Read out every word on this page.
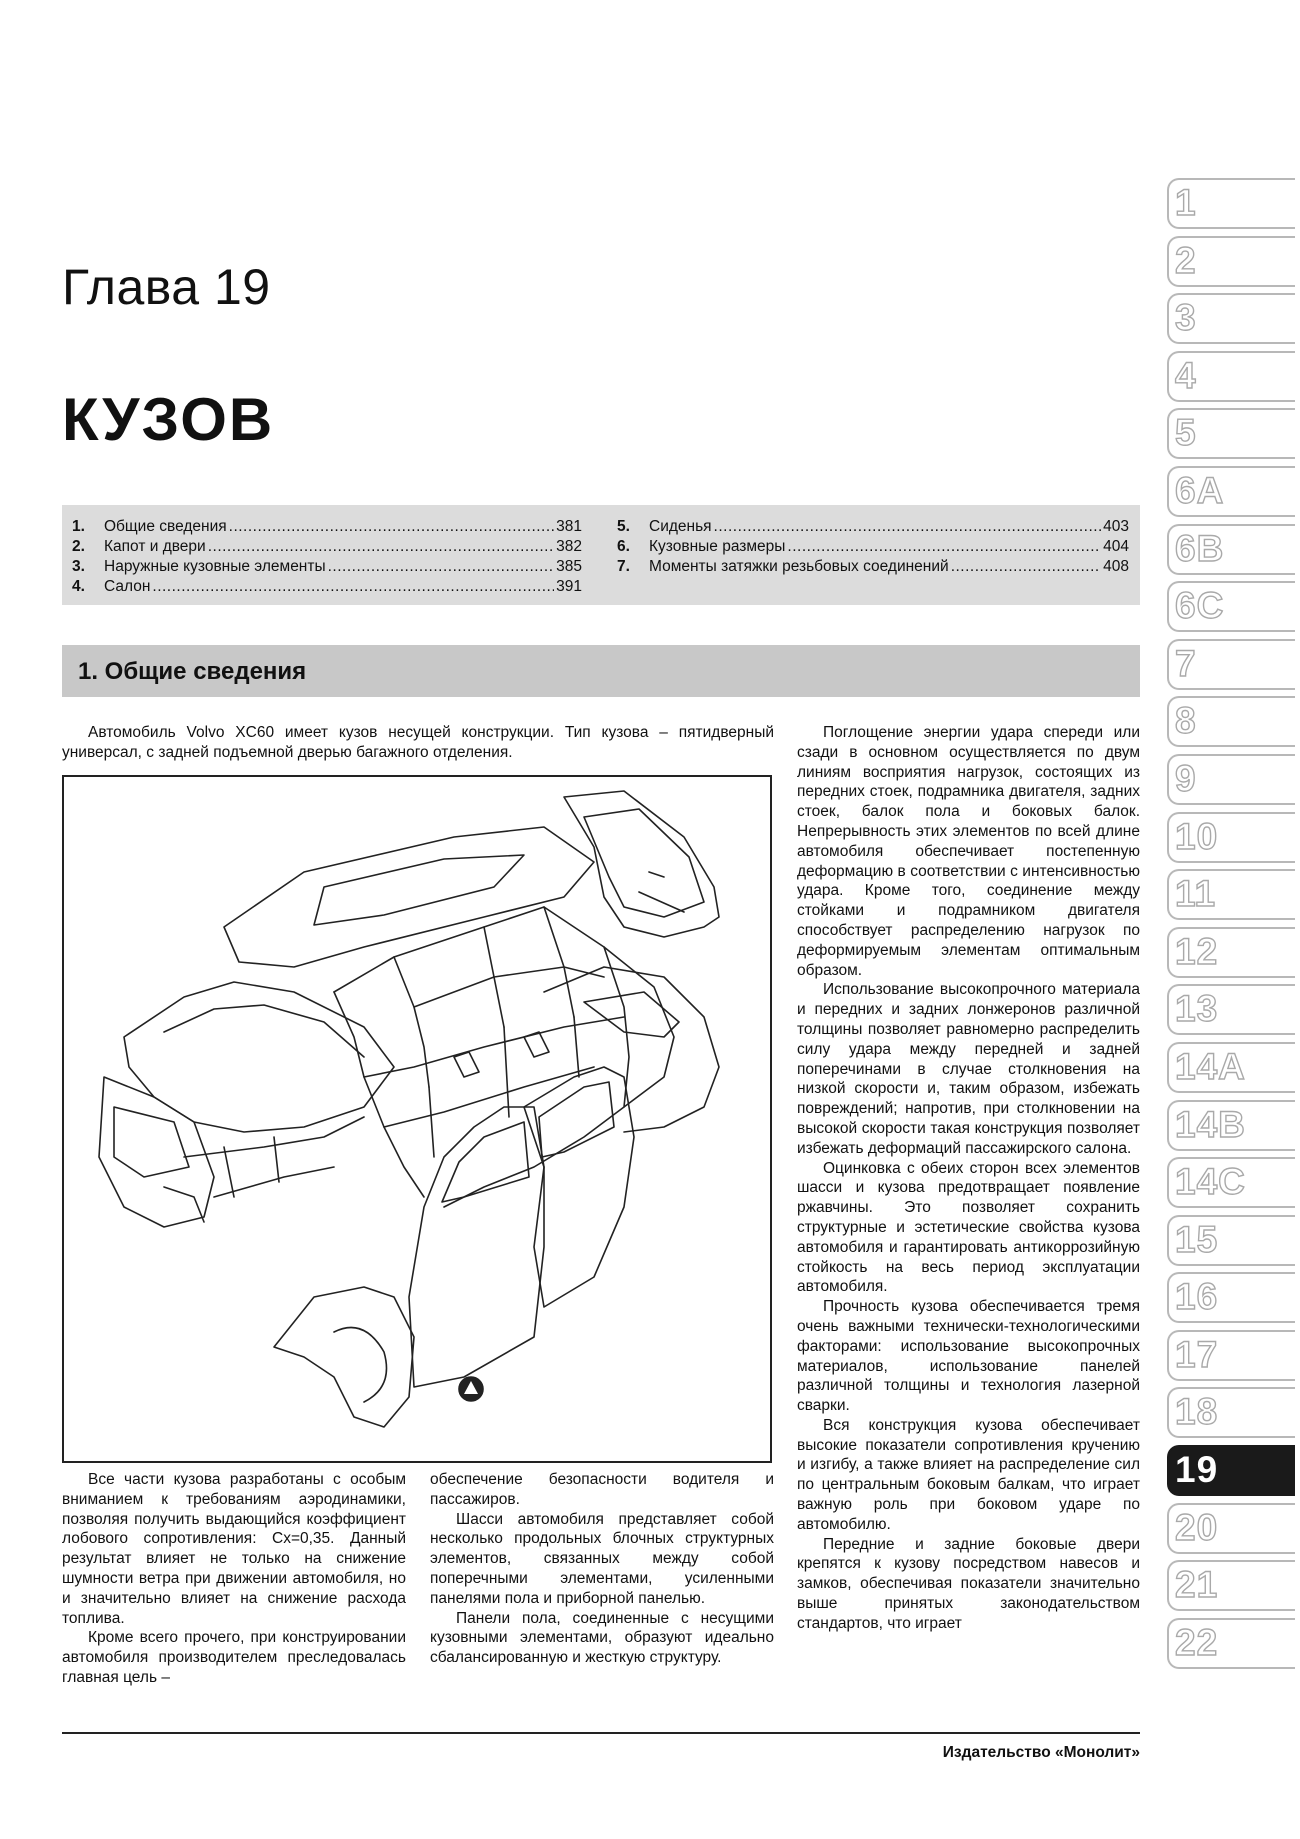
Глава 19
КУЗОВ
1.	Общие сведения .....	381
2.	Капот и двери .....	382
3.	Наружные кузовные элементы .....	385
4.	Салон .....	391
5.	Сиденья .....	403
6.	Кузовные размеры .....	404
7.	Моменты затяжки резьбовых соединений .....	408
1. Общие сведения

Автомобиль Volvo XC60 имеет кузов несущей конструкции. Тип кузова – пятидверный универсал, с задней подъемной дверью багажного отделения.

Все части кузова разработаны с особым вниманием к требованиям аэродинамики, позволяя получить выдающийся коэффициент лобового сопротивления: Cx=0,35. Данный результат влияет не только на снижение шумности ветра при движении автомобиля, но и значительно влияет на снижение расхода топлива.

Кроме всего прочего, при конструировании автомобиля производителем преследовалась главная цель –

обеспечение безопасности водителя и пассажиров.

Шасси автомобиля представляет собой несколько продольных блочных структурных элементов, связанных между собой поперечными элементами, усиленными панелями пола и приборной панелью.

Панели пола, соединенные с несущими кузовными элементами, образуют идеально сбалансированную и жесткую структуру.

Поглощение энергии удара спереди или сзади в основном осуществляется по двум линиям восприятия нагрузок, состоящих из передних стоек, подрамника двигателя, задних стоек, балок пола и боковых балок. Непрерывность этих элементов по всей длине автомобиля обеспечивает постепенную деформацию в соответствии с интенсивностью удара. Кроме того, соединение между стойками и подрамником двигателя способствует распределению нагрузок по деформируемым элементам оптимальным образом.

Использование высокопрочного материала и передних и задних лонжеронов различной толщины позволяет равномерно распределить силу удара между передней и задней поперечинами в случае столкновения на низкой скорости и, таким образом, избежать повреждений; напротив, при столкновении на высокой скорости такая конструкция позволяет избежать деформаций пассажирского салона.

Оцинковка с обеих сторон всех элементов шасси и кузова предотвращает появление ржавчины. Это позволяет сохранить структурные и эстетические свойства кузова автомобиля и гарантировать антикоррозийную стойкость на весь период эксплуатации автомобиля.

Прочность кузова обеспечивается тремя очень важными технически-технологическими факторами: использование высокопрочных материалов, использование панелей различной толщины и технология лазерной сварки.

Вся конструкция кузова обеспечивает высокие показатели сопротивления кручению и изгибу, а также влияет на распределение сил по центральным боковым балкам, что играет важную роль при боковом ударе по автомобилю.

Передние и задние боковые двери крепятся к кузову посредством навесов и замков, обеспечивая показатели значительно выше принятых законодательством стандартов, что играет

Издательство «Монолит»
1
2
3
4
5
6A
6B
6C
7
8
9
10
11
12
13
14A
14B
14C
15
16
17
18
19
20
21
22
